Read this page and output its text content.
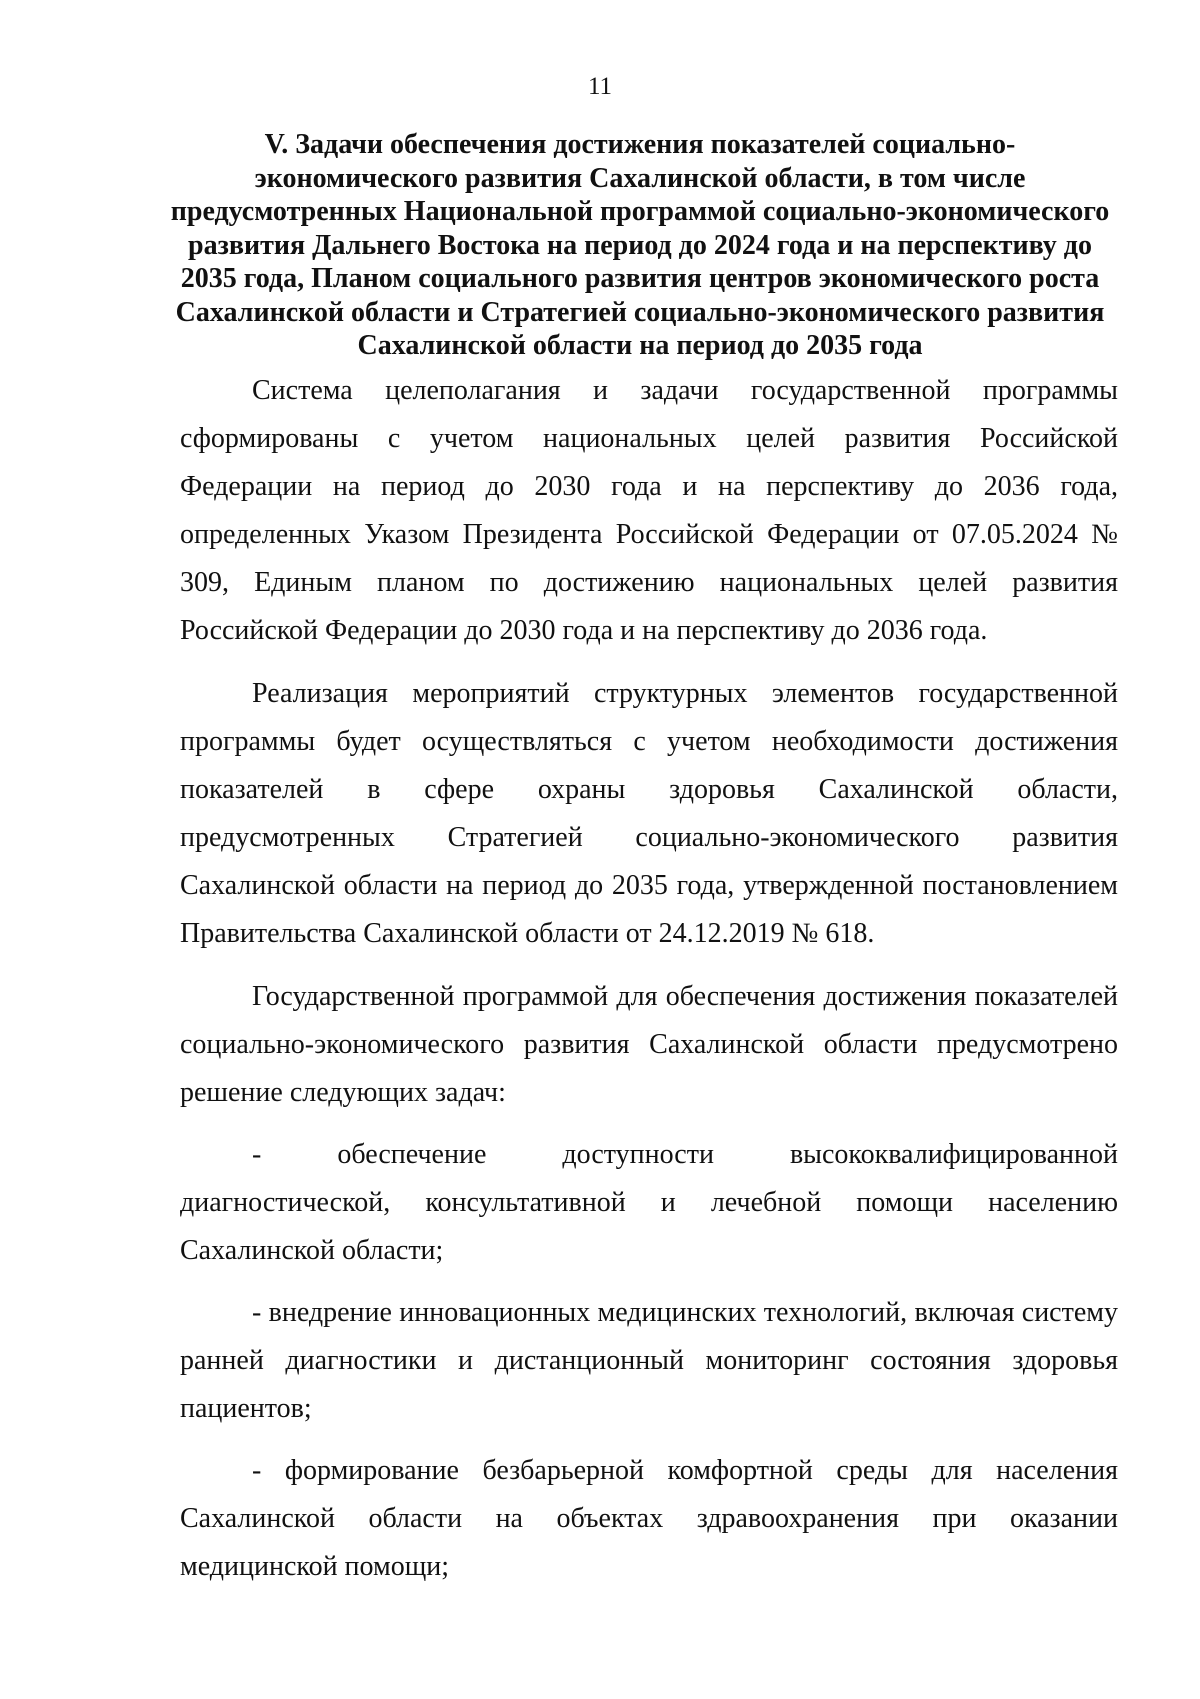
11
V. Задачи обеспечения достижения показателей социально-экономического развития Сахалинской области, в том числе предусмотренных Национальной программой социально-экономического развития Дальнего Востока на период до 2024 года и на перспективу до 2035 года, Планом социального развития центров экономического роста Сахалинской области и Стратегией социально-экономического развития Сахалинской области на период до 2035 года

Система целеполагания и задачи государственной программы сформированы с учетом национальных целей развития Российской Федерации на период до 2030 года и на перспективу до 2036 года, определенных Указом Президента Российской Федерации от 07.05.2024 № 309, Единым планом по достижению национальных целей развития Российской Федерации до 2030 года и на перспективу до 2036 года.

Реализация мероприятий структурных элементов государственной программы будет осуществляться с учетом необходимости достижения показателей в сфере охраны здоровья Сахалинской области, предусмотренных Стратегией социально-экономического развития Сахалинской области на период до 2035 года, утвержденной постановлением Правительства Сахалинской области от 24.12.2019 № 618.

Государственной программой для обеспечения достижения показателей социально-экономического развития Сахалинской области предусмотрено решение следующих задач:

- обеспечение доступности высококвалифицированной диагностической, консультативной и лечебной помощи населению Сахалинской области;
- внедрение инновационных медицинских технологий, включая систему ранней диагностики и дистанционный мониторинг состояния здоровья пациентов;
- формирование безбарьерной комфортной среды для населения Сахалинской области на объектах здравоохранения при оказании медицинской помощи;
